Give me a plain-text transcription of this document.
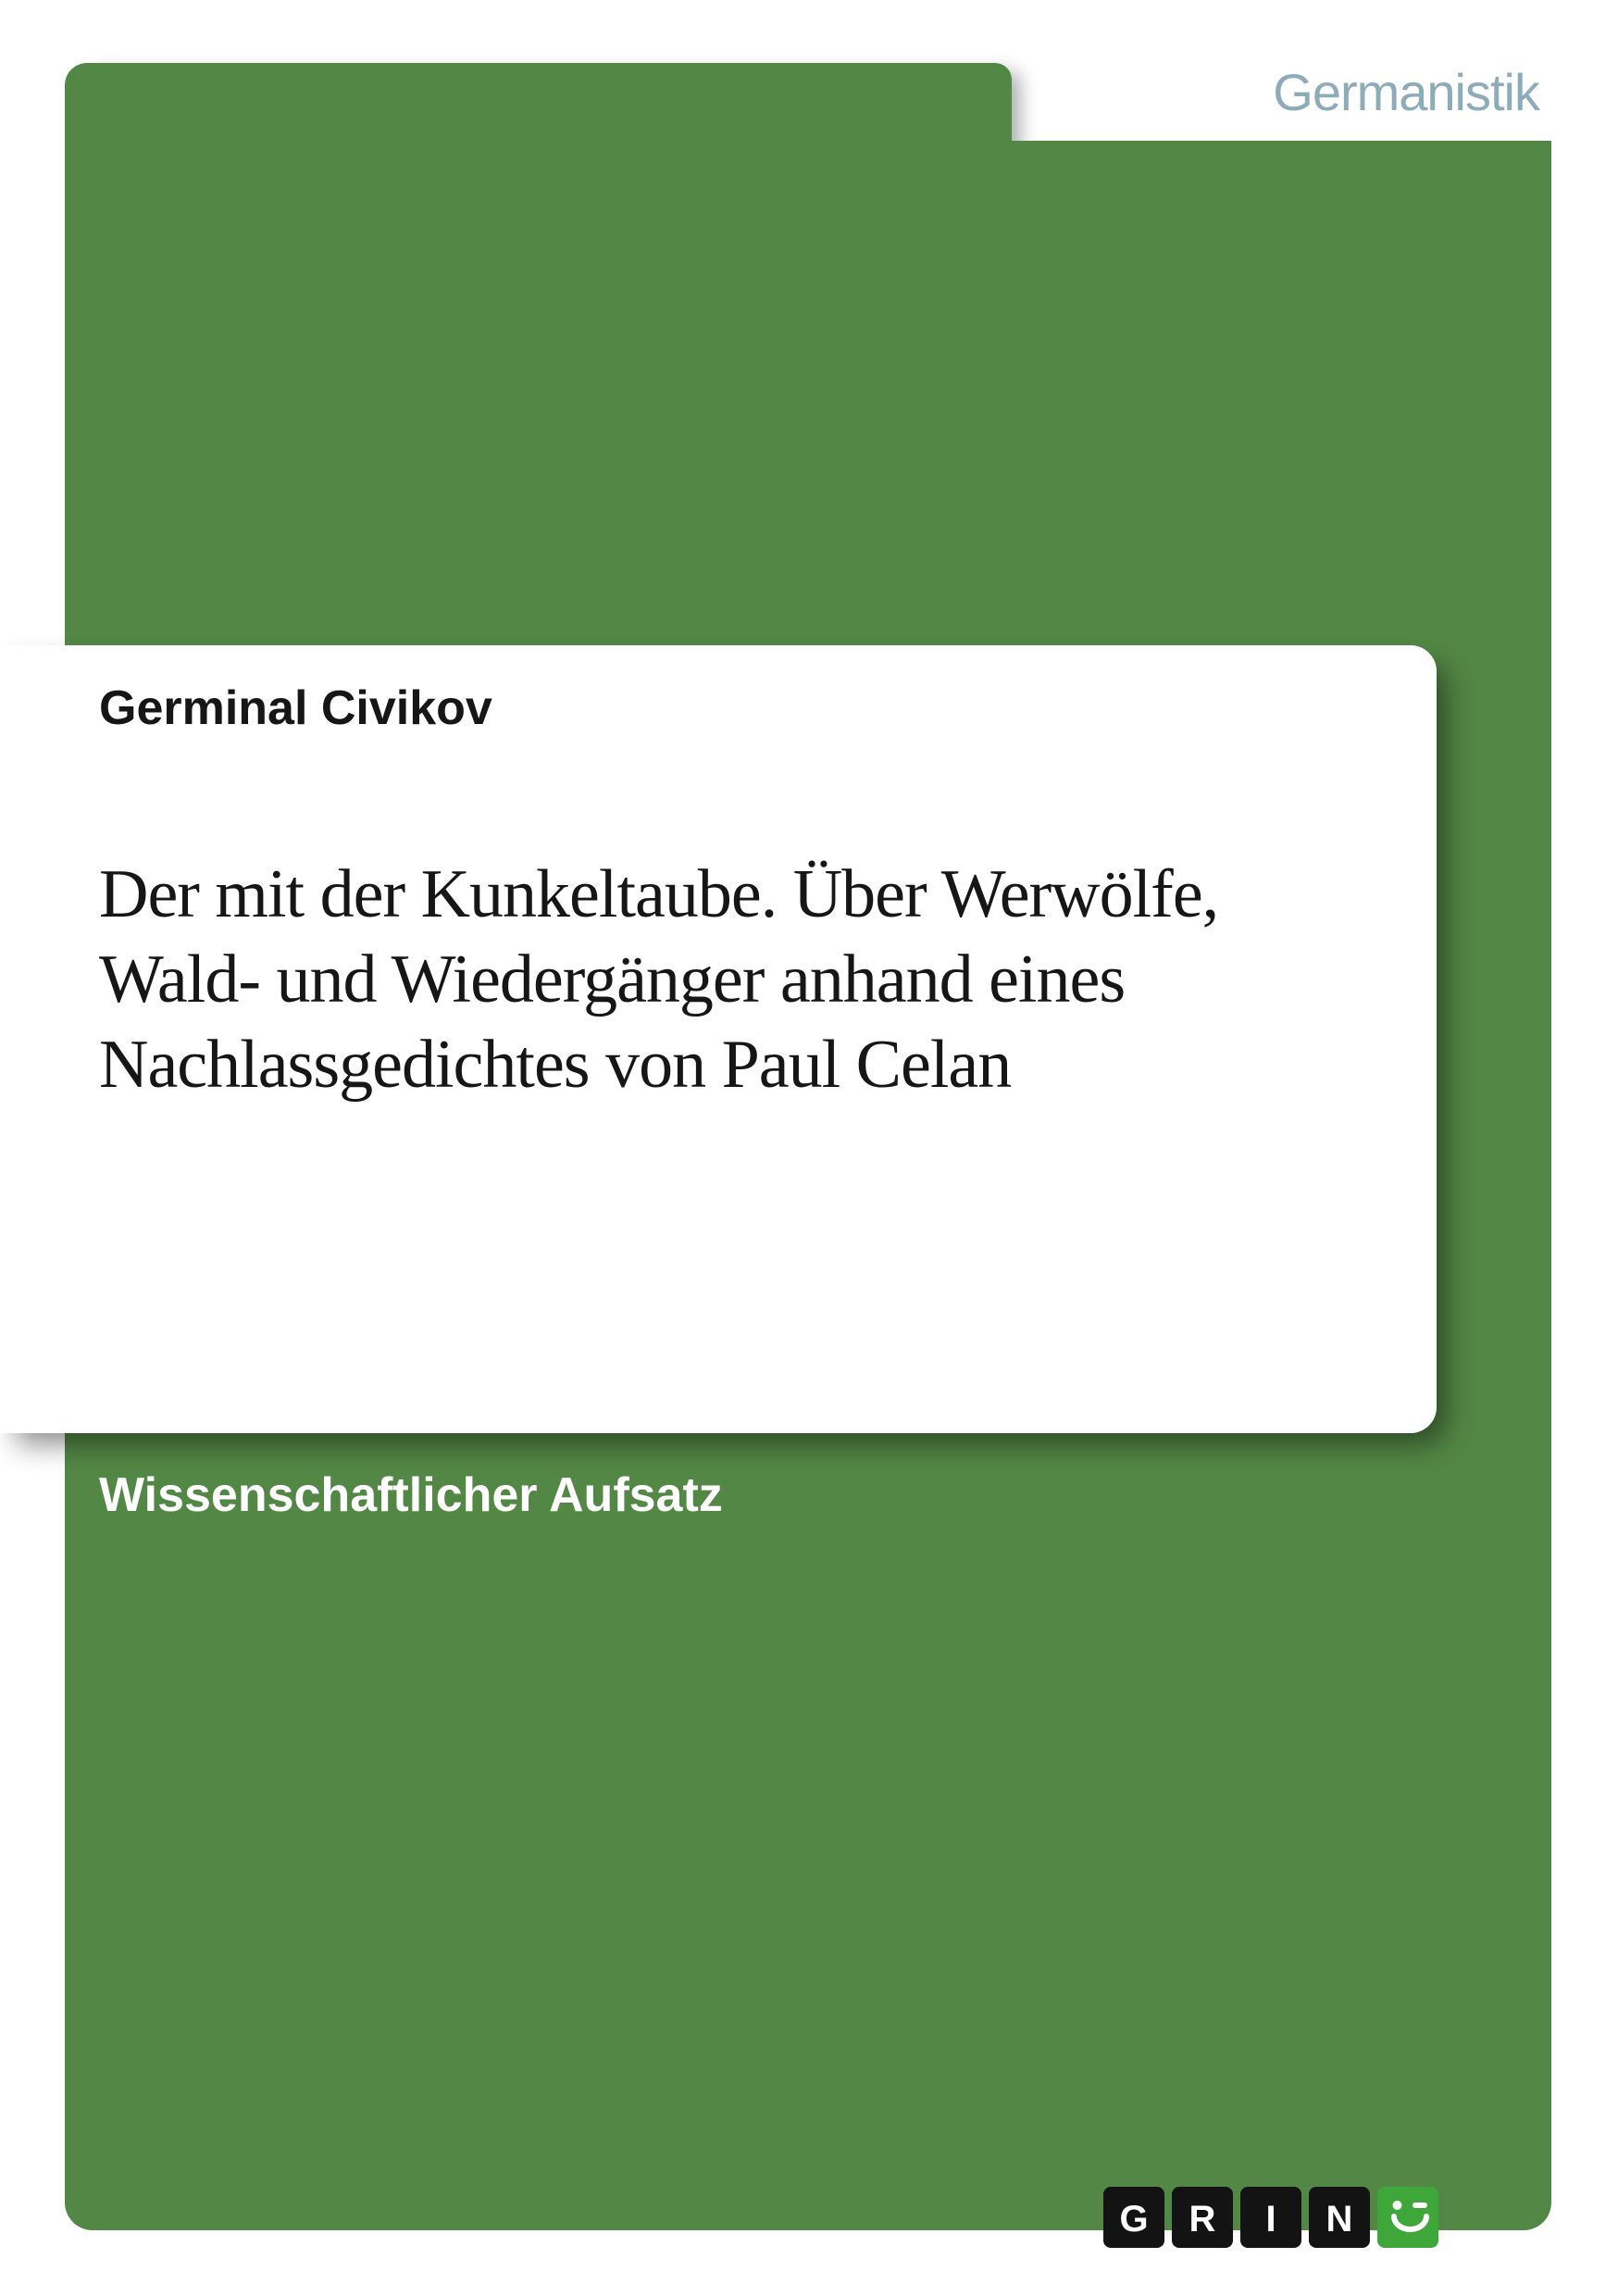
Germanistik
Germinal Civikov
Der mit der Kunkeltaube. Über Werwölfe,
Wald- und Wiedergänger anhand eines
Nachlassgedichtes von Paul Celan
Wissenschaftlicher Aufsatz
G	R	I	N
